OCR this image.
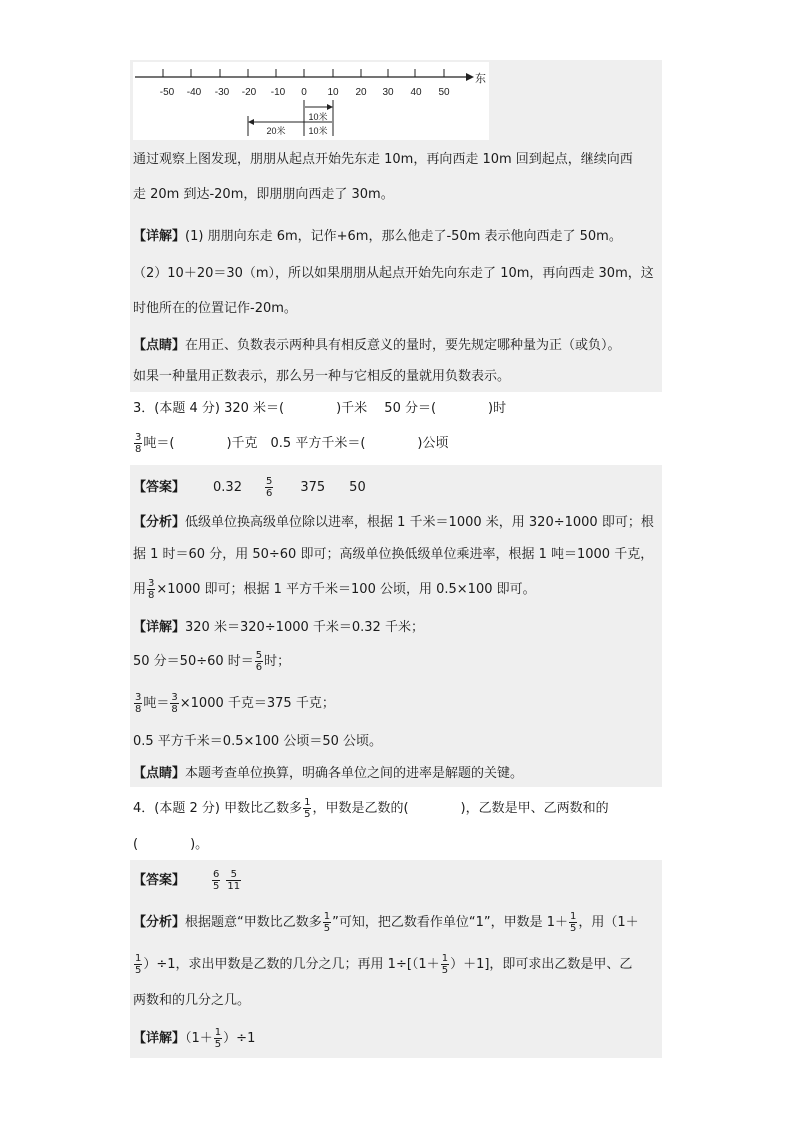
-50 -40 -30 -20 -10 0 10 20 30 40 50
东
10米
20米	10米
通过观察上图发现，朋朋从起点开始先东走 10m，再向西走 10m 回到起点，继续向西
走 20m 到达-20m，即朋朋向西走了 30m。
【详解】(1) 朋朋向东走 6m，记作+6m，那么他走了-50m 表示他向西走了 50m。
（2）10＋20＝30（m），所以如果朋朋从起点开始先向东走了 10m，再向西走 30m，这
时他所在的位置记作-20m。
【点睛】在用正、负数表示两种具有相反意义的量时，要先规定哪种量为正（或负）。
如果一种量用正数表示，那么另一种与它相反的量就用负数表示。
3．(本题 4 分) 320 米＝(　　　　)千米　 50 分＝(　　　　)时
$\frac{3}{8}$ 吨＝(　　　　)千克　0.5 平方千米＝(　　　　)公顷
【答案】 $0.32 \frac{5}{6} 375$ 50
【分析】低级单位换高级单位除以进率，根据 1 千米＝1000 米，用 320÷1000 即可；根
据 1 时＝60 分，用 50÷60 即可；高级单位换低级单位乘进率，根据 1 吨＝1000 千克，
用 $\frac{3}{8} \times 1000$ 即可；根据 1 平方千米＝100 公顷，用 0.5×100 即可。
【详解】320 米＝320÷1000 千米＝0.32 千米；
50 分＝50÷60 时＝ $\frac{5}{6}$ 时；
$\frac{3}{8}$ 吨＝ $\frac{3}{8} \times 1000$ 千克＝375 千克；
0.5 平方千米＝0.5×100 公顷＝50 公顷。
【点睛】本题考查单位换算，明确各单位之间的进率是解题的关键。
4．(本题 2 分) 甲数比乙数多 $\frac{1}{5}$ ，甲数是乙数的(　　　　)，乙数是甲、乙两数和的
(　　　　)。
【答案】	$\frac{6}{5} \frac{5}{11}$
【分析】根据题意“甲数比乙数多 $\frac{1}{5}$ ”可知，把乙数看作单位“1”，甲数是 $1+ \frac{1}{5}$ ，用（1＋
$\frac{1}{5} )\div 1$，求出甲数是乙数的几分之几；再用 $1\div[(1+ \frac{1}{5} )+1]$，即可求出乙数是甲、乙
两数和的几分之几。
【详解】$(1+ \frac{1}{5} )\div 1$
